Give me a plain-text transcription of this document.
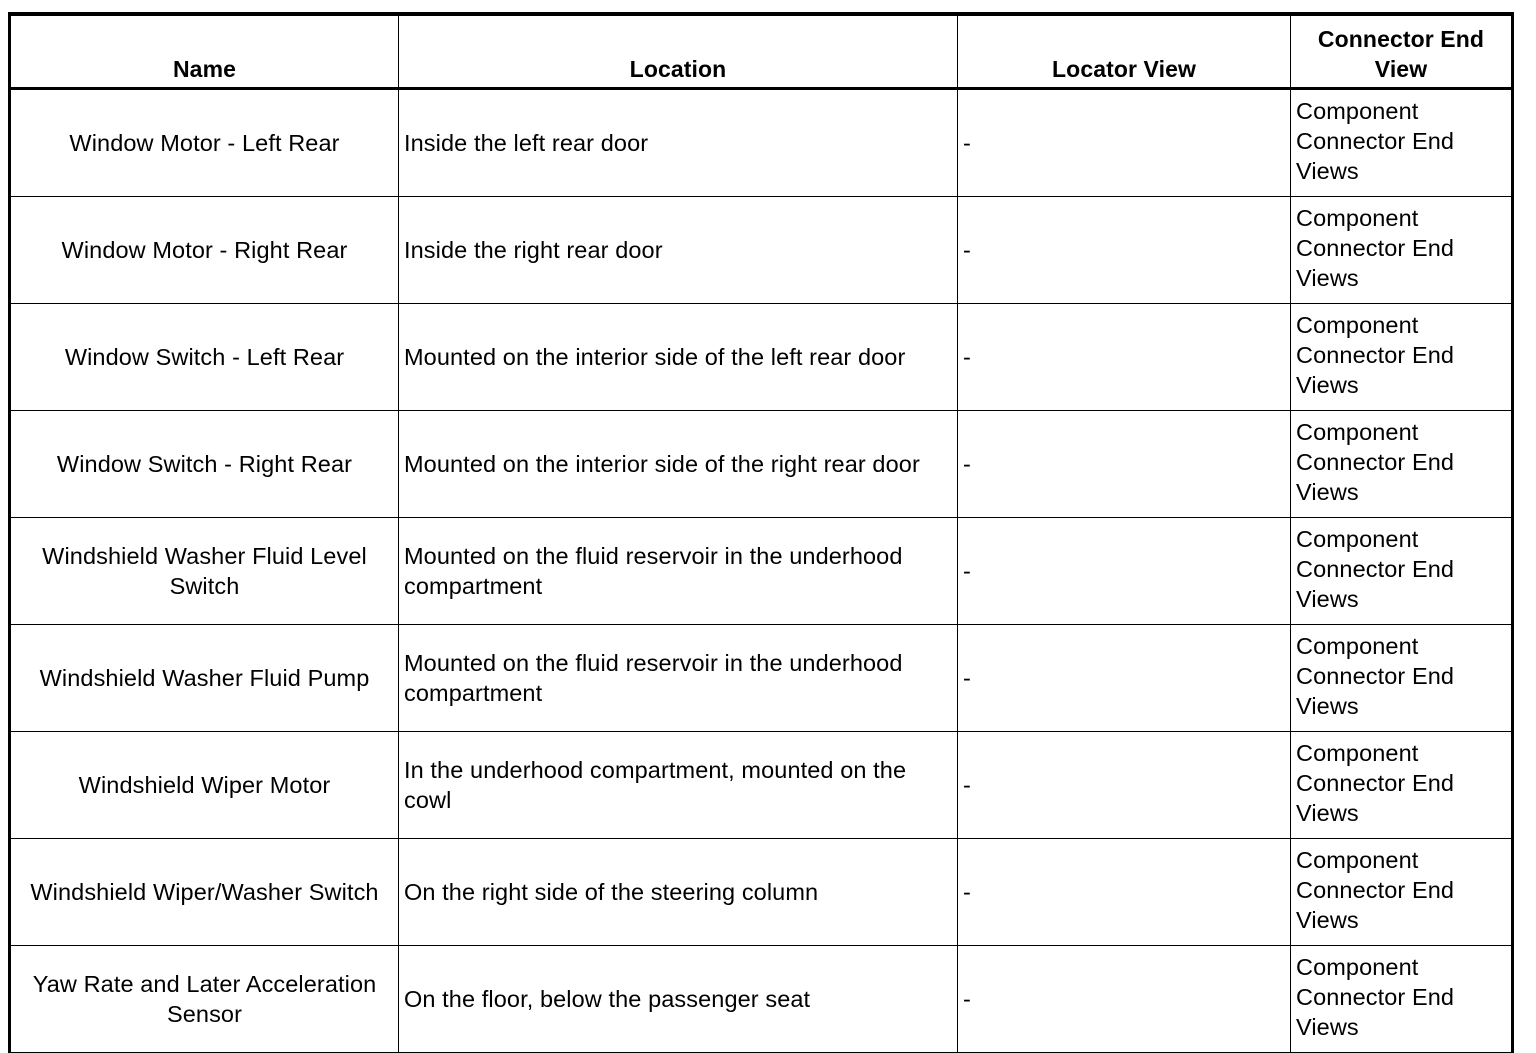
Name	Location	Locator View	Connector End View
Window Motor - Left Rear	Inside the left rear door	-	Component Connector End Views

Window Motor - Right Rear	Inside the right rear door	-	Component Connector End Views

Window Switch - Left Rear	Mounted on the interior side of the left rear door	-	Component Connector End Views

Window Switch - Right Rear	Mounted on the interior side of the right rear door	-	Component Connector End Views

Windshield Washer Fluid Level Switch	Mounted on the fluid reservoir in the underhood compartment	-	Component Connector End Views

Windshield Washer Fluid Pump	Mounted on the fluid reservoir in the underhood compartment	-	Component Connector End Views

Windshield Wiper Motor	In the underhood compartment, mounted on the cowl	-	Component Connector End Views

Windshield Wiper/Washer Switch	On the right side of the steering column	-	Component Connector End Views

Yaw Rate and Later Acceleration Sensor	On the floor, below the passenger seat	-	Component Connector End Views
